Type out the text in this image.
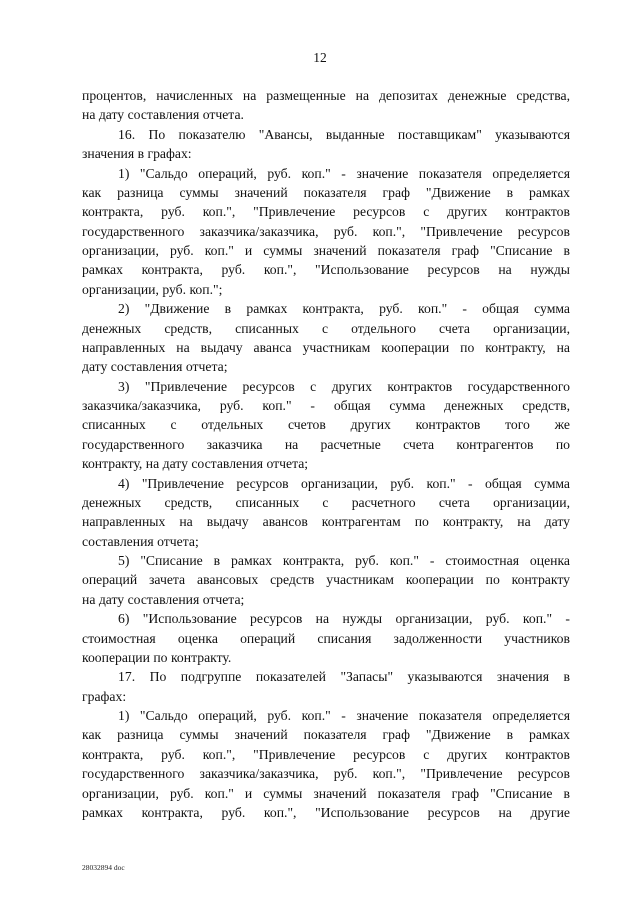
12
процентов, начисленных на размещенные на депозитах денежные средства,
на дату составления отчета.
16. По показателю "Авансы, выданные поставщикам" указываются
значения в графах:
1) "Сальдо операций, руб. коп." - значение показателя определяется
как разница суммы значений показателя граф "Движение в рамках
контракта, руб. коп.", "Привлечение ресурсов с других контрактов
государственного заказчика/заказчика, руб. коп.", "Привлечение ресурсов
организации, руб. коп." и суммы значений показателя граф "Списание в
рамках контракта, руб. коп.", "Использование ресурсов на нужды
организации, руб. коп.";
2) "Движение в рамках контракта, руб. коп." - общая сумма
денежных средств, списанных с отдельного счета организации,
направленных на выдачу аванса участникам кооперации по контракту, на
дату составления отчета;
3) "Привлечение ресурсов с других контрактов государственного
заказчика/заказчика, руб. коп." - общая сумма денежных средств,
списанных с отдельных счетов других контрактов того же
государственного заказчика на расчетные счета контрагентов по
контракту, на дату составления отчета;
4) "Привлечение ресурсов организации, руб. коп." - общая сумма
денежных средств, списанных с расчетного счета организации,
направленных на выдачу авансов контрагентам по контракту, на дату
составления отчета;
5) "Списание в рамках контракта, руб. коп." - стоимостная оценка
операций зачета авансовых средств участникам кооперации по контракту
на дату составления отчета;
6) "Использование ресурсов на нужды организации, руб. коп." -
стоимостная оценка операций списания задолженности участников
кооперации по контракту.
17. По подгруппе показателей "Запасы" указываются значения в
графах:
1) "Сальдо операций, руб. коп." - значение показателя определяется
как разница суммы значений показателя граф "Движение в рамках
контракта, руб. коп.", "Привлечение ресурсов с других контрактов
государственного заказчика/заказчика, руб. коп.", "Привлечение ресурсов
организации, руб. коп." и суммы значений показателя граф "Списание в
рамках контракта, руб. коп.", "Использование ресурсов на другие
28032894 doc
